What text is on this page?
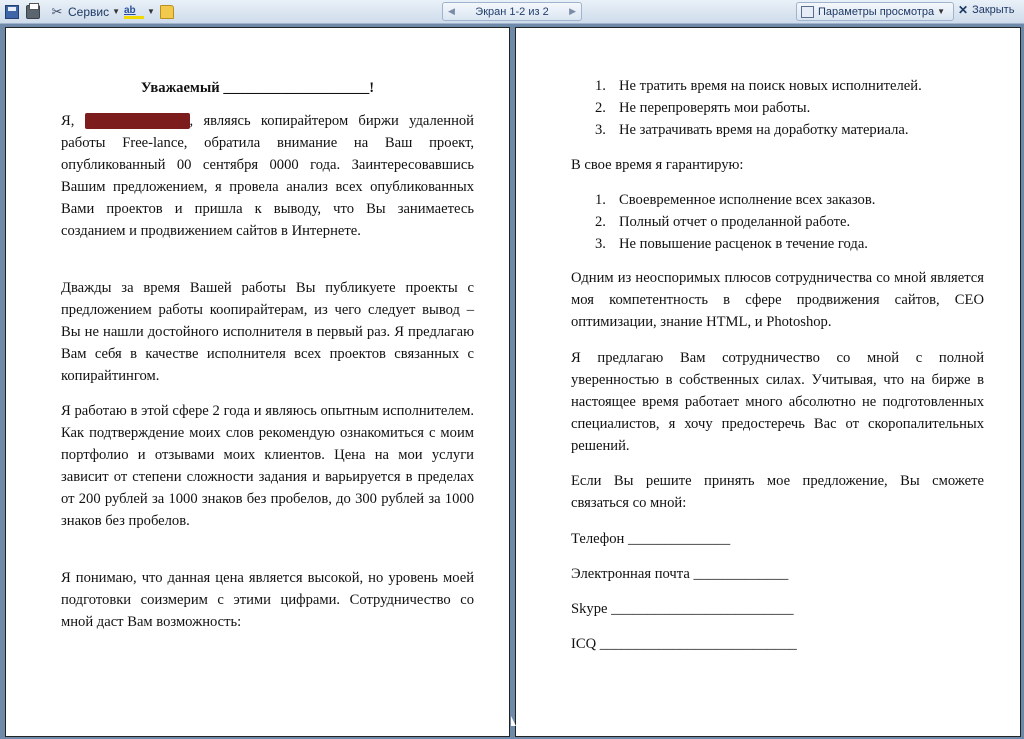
✂ Сервис ▼ ab	▼	◀ Экран 1-2 из 2 ▶	Параметры просмотра ▼ ✕ Закрыть
Уважаемый ____________________!

Я,	, являясь копирайтером биржи удаленной работы Free-lance, обратила внимание на Ваш проект, опубликованный 00 сентября 0000 года. Заинтересовавшись Вашим предложением, я провела анализ всех опубликованных Вами проектов и пришла к выводу, что Вы занимаетесь созданием и продвижением сайтов в Интернете.

Дважды за время Вашей работы Вы публикуете проекты с предложением работы коопирайтерам, из чего следует вывод – Вы не нашли достойного исполнителя в первый раз. Я предлагаю Вам себя в качестве исполнителя всех проектов связанных с копирайтингом.

Я работаю в этой сфере 2 года и являюсь опытным исполнителем. Как подтверждение моих слов рекомендую ознакомиться с моим портфолио и отзывами моих клиентов. Цена на мои услуги зависит от степени сложности задания и варьируется в пределах от 200 рублей за 1000 знаков без пробелов, до 300 рублей за 1000 знаков без пробелов.

Я понимаю, что данная цена является высокой, но уровень моей подготовки соизмерим с этими цифрами. Сотрудничество со мной даст Вам возможность:

1. Не тратить время на поиск новых исполнителей.
2. Не перепроверять мои работы.
3. Не затрачивать время на доработку материала.

В свое время я гарантирую:

1. Своевременное исполнение всех заказов.
2. Полный отчет о проделанной работе.
3. Не повышение расценок в течение года.

Одним из неоспоримых плюсов сотрудничества со мной является моя компетентность в сфере продвижения сайтов, СЕО оптимизации, знание HTML, и Photoshop.

Я предлагаю Вам сотрудничество со мной с полной уверенностью в собственных силах. Учитывая, что на бирже в настоящее время работает много абсолютно не подготовленных специалистов, я хочу предостеречь Вас от скоропалительных решений.

Если Вы решите принять мое предложение, Вы сможете связаться со мной:

Телефон ______________
Электронная почта _____________
Skype _________________________
ICQ ___________________________
